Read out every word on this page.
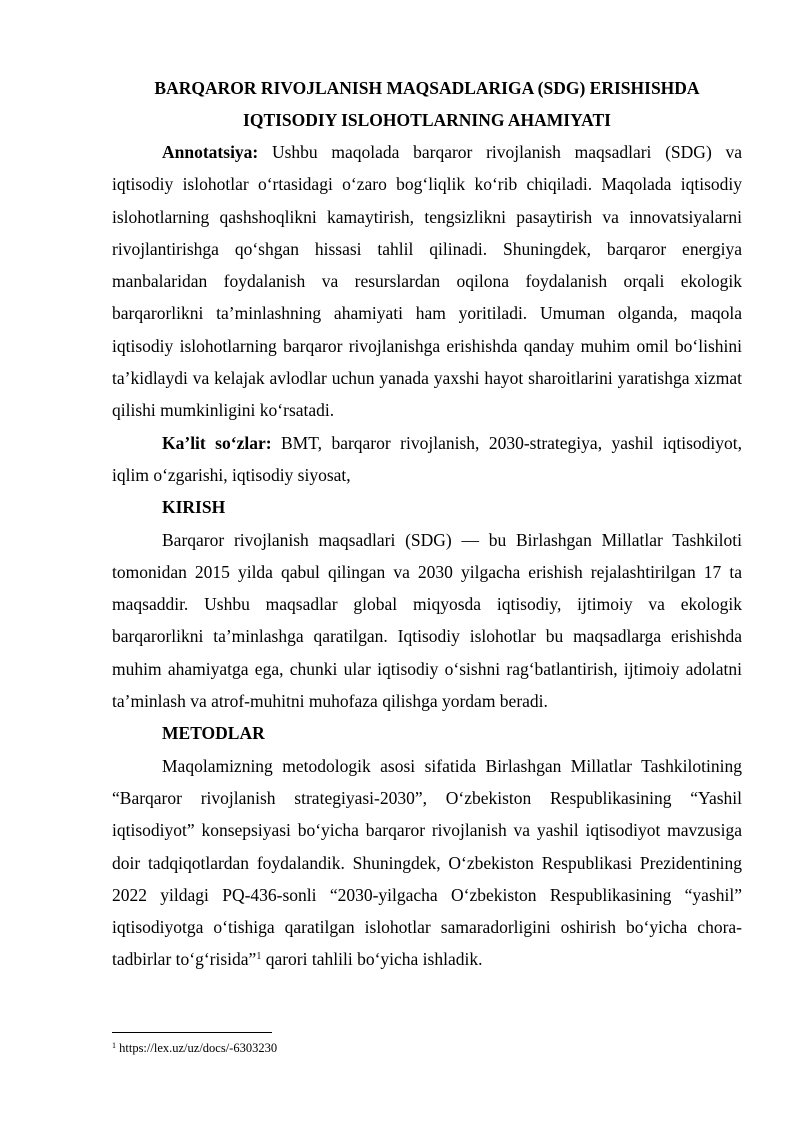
BARQAROR RIVOJLANISH MAQSADLARIGA (SDG) ERISHISHDA
IQTISODIY ISLOHOTLARNING AHAMIYATI

Annotatsiya: Ushbu maqolada barqaror rivojlanish maqsadlari (SDG) va iqtisodiy islohotlar o‘rtasidagi o‘zaro bog‘liqlik ko‘rib chiqiladi. Maqolada iqtisodiy islohotlarning qashshoqlikni kamaytirish, tengsizlikni pasaytirish va innovatsiyalarni rivojlantirishga qo‘shgan hissasi tahlil qilinadi. Shuningdek, barqaror energiya manbalaridan foydalanish va resurslardan oqilona foydalanish orqali ekologik barqarorlikni ta’minlashning ahamiyati ham yoritiladi. Umuman olganda, maqola iqtisodiy islohotlarning barqaror rivojlanishga erishishda qanday muhim omil bo‘lishini ta’kidlaydi va kelajak avlodlar uchun yanada yaxshi hayot sharoitlarini yaratishga xizmat qilishi mumkinligini ko‘rsatadi.

Ka’lit so‘zlar: BMT, barqaror rivojlanish, 2030-strategiya, yashil iqtisodiyot, iqlim o‘zgarishi, iqtisodiy siyosat,

KIRISH

Barqaror rivojlanish maqsadlari (SDG) — bu Birlashgan Millatlar Tashkiloti tomonidan 2015 yilda qabul qilingan va 2030 yilgacha erishish rejalashtirilgan 17 ta maqsaddir. Ushbu maqsadlar global miqyosda iqtisodiy, ijtimoiy va ekologik barqarorlikni ta’minlashga qaratilgan. Iqtisodiy islohotlar bu maqsadlarga erishishda muhim ahamiyatga ega, chunki ular iqtisodiy o‘sishni rag‘batlantirish, ijtimoiy adolatni ta’minlash va atrof-muhitni muhofaza qilishga yordam beradi.

METODLAR

Maqolamizning metodologik asosi sifatida Birlashgan Millatlar Tashkilotining “Barqaror rivojlanish strategiyasi-2030”, O‘zbekiston Respublikasining “Yashil iqtisodiyot” konsepsiyasi bo‘yicha barqaror rivojlanish va yashil iqtisodiyot mavzusiga doir tadqiqotlardan foydalandik. Shuningdek, O‘zbekiston Respublikasi Prezidentining 2022 yildagi PQ-436-sonli “2030-yilgacha O‘zbekiston Respublikasining “yashil” iqtisodiyotga o‘tishiga qaratilgan islohotlar samaradorligini oshirish bo‘yicha chora-tadbirlar to‘g‘risida”$^1$ qarori tahlili bo‘yicha ishladik.

$^1$ https://lex.uz/uz/docs/-6303230
